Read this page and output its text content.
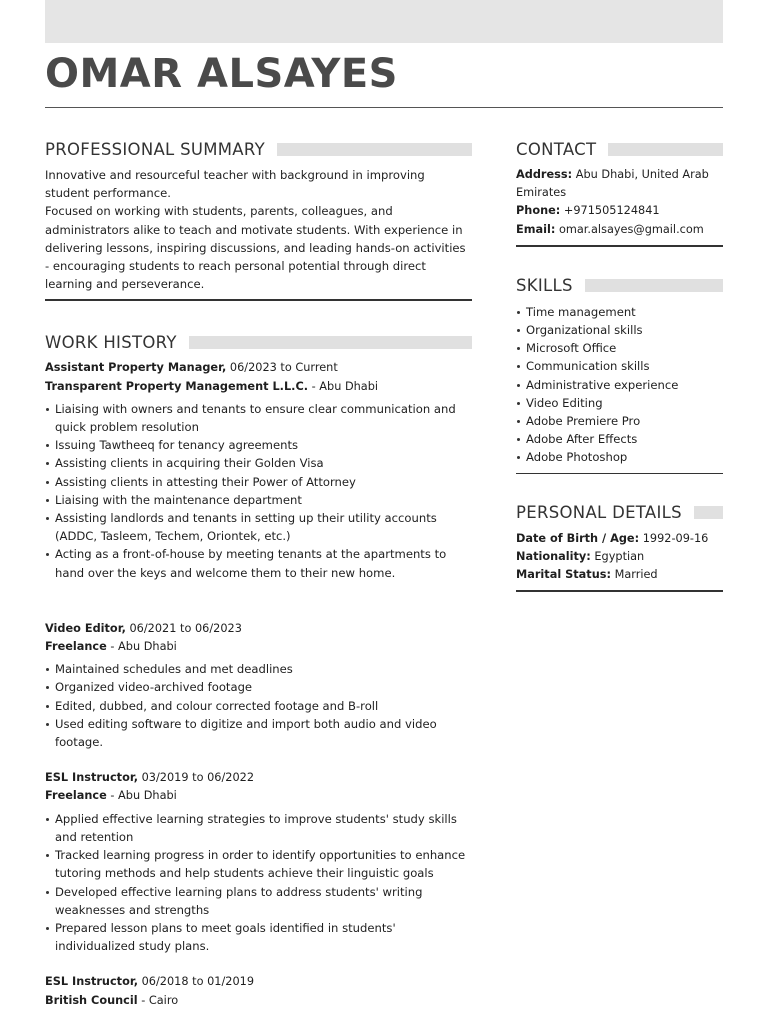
OMAR ALSAYES
PROFESSIONAL SUMMARY

Innovative and resourceful teacher with background in improving student performance.

Focused on working with students, parents, colleagues, and administrators alike to teach and motivate students. With experience in delivering lessons, inspiring discussions, and leading hands-on activities - encouraging students to reach personal potential through direct learning and perseverance.

WORK HISTORY
Assistant Property Manager, 06/2023 to Current
Transparent Property Management L.L.C. - Abu Dhabi
Liaising with owners and tenants to ensure clear communication and quick problem resolution
Issuing Tawtheeq for tenancy agreements
Assisting clients in acquiring their Golden Visa
Assisting clients in attesting their Power of Attorney
Liaising with the maintenance department
Assisting landlords and tenants in setting up their utility accounts (ADDC, Tasleem, Techem, Oriontek, etc.)
Acting as a front-of-house by meeting tenants at the apartments to hand over the keys and welcome them to their new home.
Video Editor, 06/2021 to 06/2023
Freelance - Abu Dhabi
Maintained schedules and met deadlines
Organized video-archived footage
Edited, dubbed, and colour corrected footage and B-roll
Used editing software to digitize and import both audio and video footage.
ESL Instructor, 03/2019 to 06/2022
Freelance - Abu Dhabi
Applied effective learning strategies to improve students' study skills and retention
Tracked learning progress in order to identify opportunities to enhance tutoring methods and help students achieve their linguistic goals
Developed effective learning plans to address students' writing weaknesses and strengths
Prepared lesson plans to meet goals identified in students' individualized study plans.
ESL Instructor, 06/2018 to 01/2019
British Council - Cairo
CONTACT
Address: Abu Dhabi, United Arab Emirates
Phone: +971505124841
Email: omar.alsayes@gmail.com
SKILLS
Time management
Organizational skills
Microsoft Office
Communication skills
Administrative experience
Video Editing
Adobe Premiere Pro
Adobe After Effects
Adobe Photoshop
PERSONAL DETAILS
Date of Birth / Age: 1992-09-16
Nationality: Egyptian
Marital Status: Married
